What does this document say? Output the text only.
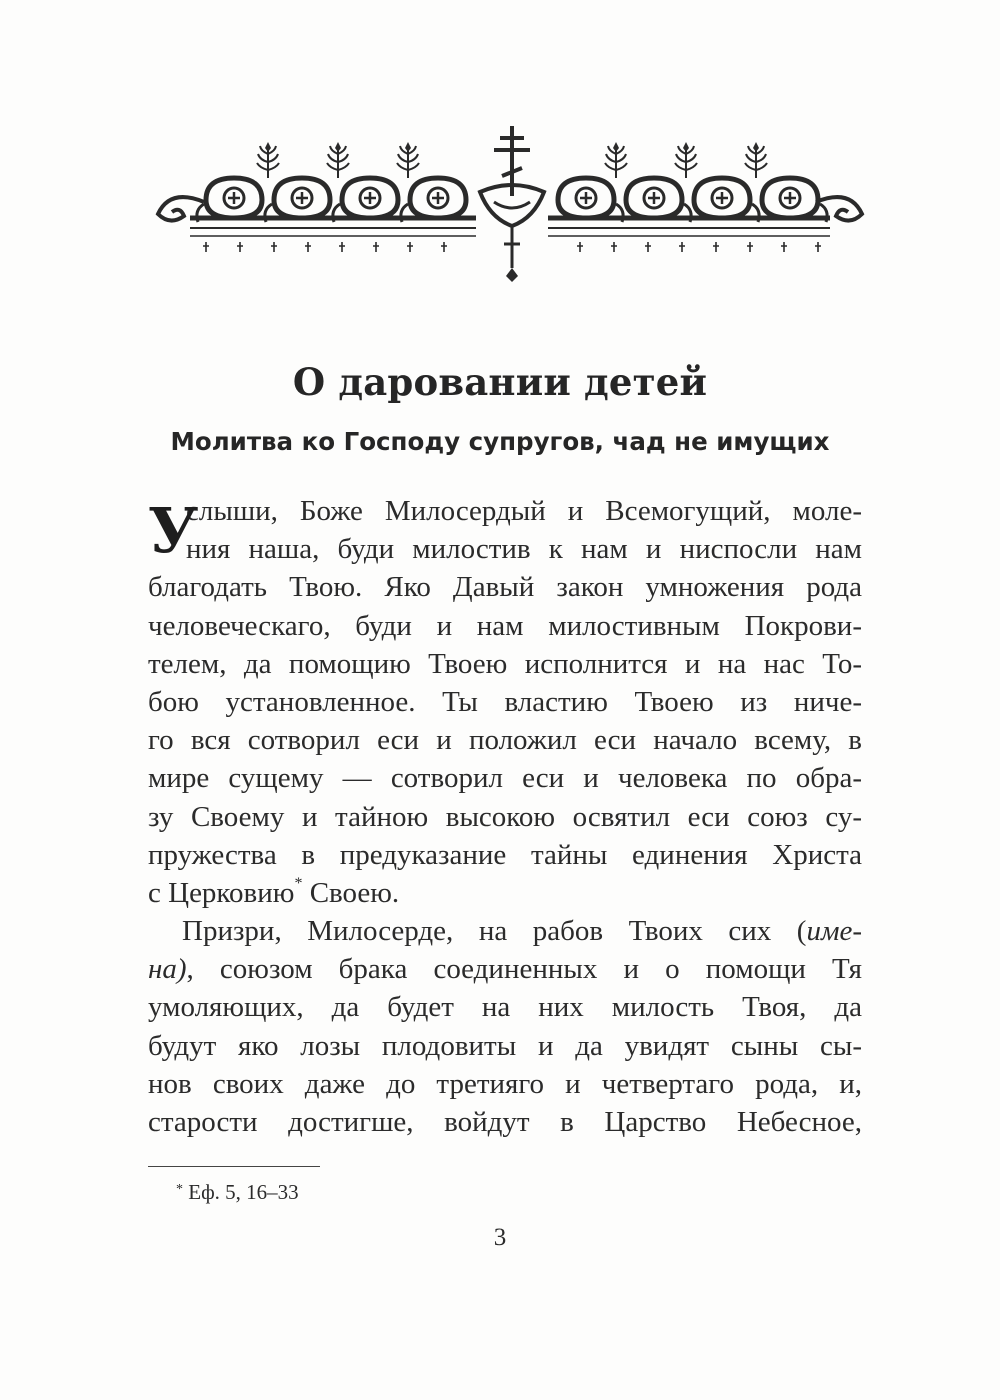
О даровании детей
Молитва ко Господу супругов, чад не имущих
У
слыши, Боже Милосердый и Всемогущий, моле-
ния наша, буди милостив к нам и ниспосли нам
благодать Твою. Яко Давый закон умножения рода
человеческаго, буди и нам милостивным Покрови-
телем, да помощию Твоею исполнится и на нас То-
бою установленное. Ты властию Твоею из ниче-
го вся сотворил еси и положил еси начало всему, в
мире сущему — сотворил еси и человека по обра-
зу Своему и тайною высокою освятил еси союз су-
пружества в предуказание тайны единения Христа
с Церковию* Своею.
Призри, Милосерде, на рабов Твоих сих (име-
на), союзом брака соединенных и о помощи Тя
умоляющих, да будет на них милость Твоя, да
будут яко лозы плодовиты и да увидят сыны сы-
нов своих даже до третияго и четвертаго рода, и,
старости достигше, войдут в Царство Небесное,
* Еф. 5, 16–33
3
